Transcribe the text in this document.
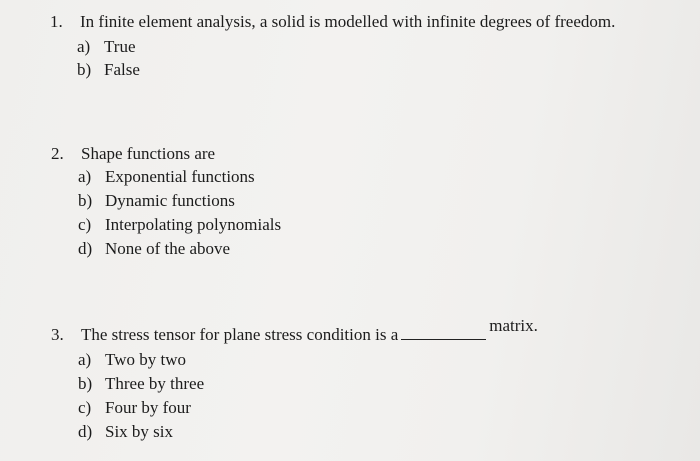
1. In finite element analysis, a solid is modelled with infinite degrees of freedom.
a) True
b) False
2. Shape functions are
a) Exponential functions
b) Dynamic functions
c) Interpolating polynomials
d) None of the above
3. The stress tensor for plane stress condition is a	matrix.
a) Two by two
b) Three by three
c) Four by four
d) Six by six
